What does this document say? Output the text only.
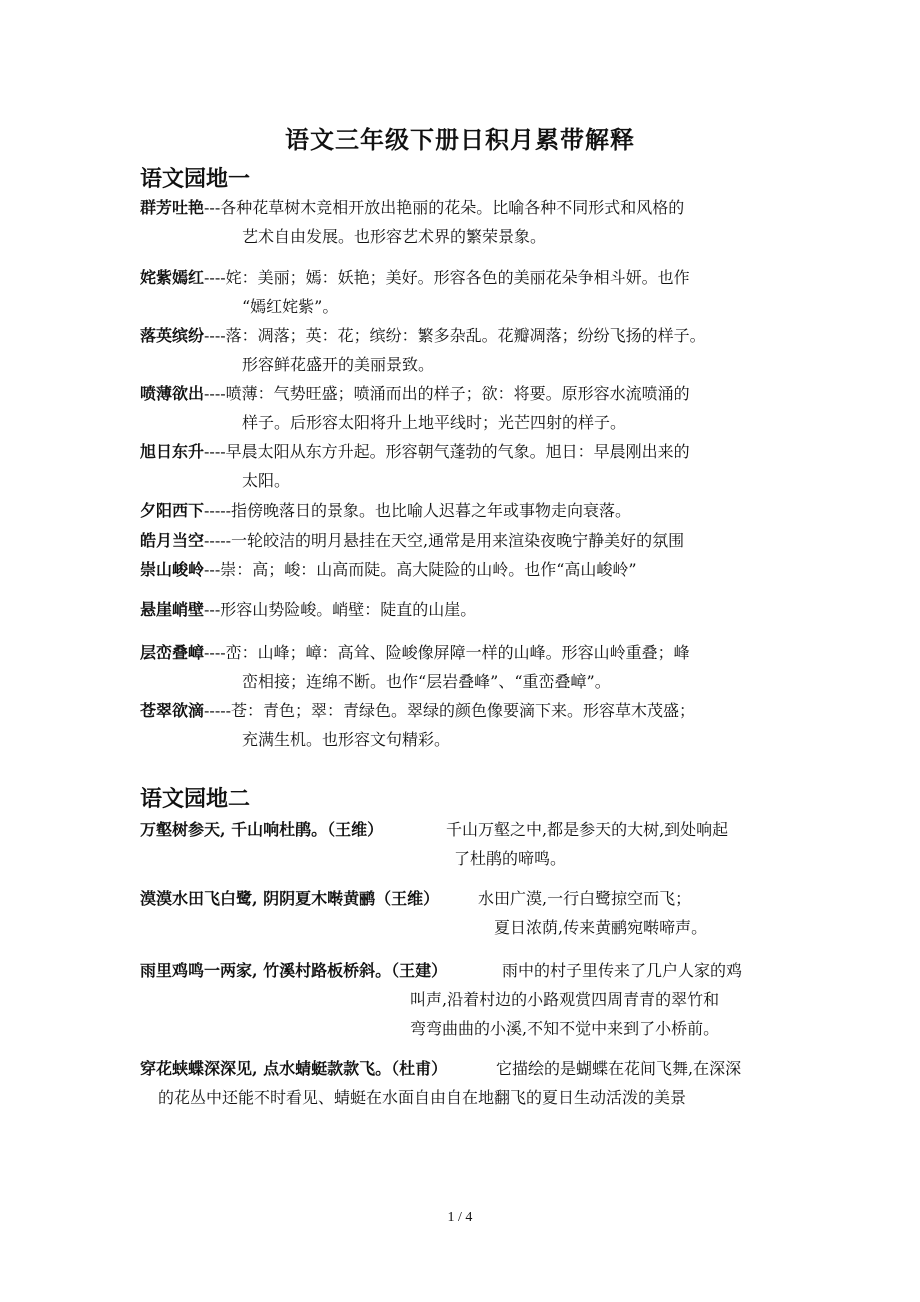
语文三年级下册日积月累带解释
语文园地一
群芳吐艳---各种花草树木竞相开放出艳丽的花朵。比喻各种不同形式和风格的
艺术自由发展。也形容艺术界的繁荣景象。
姹紫嫣红----姹：美丽；嫣：妖艳；美好。形容各色的美丽花朵争相斗妍。也作
“嫣红姹紫”。
落英缤纷----落：凋落；英：花；缤纷：繁多杂乱。花瓣凋落；纷纷飞扬的样子。
形容鲜花盛开的美丽景致。
喷薄欲出----喷薄：气势旺盛；喷涌而出的样子；欲：将要。原形容水流喷涌的
样子。后形容太阳将升上地平线时；光芒四射的样子。
旭日东升----早晨太阳从东方升起。形容朝气蓬勃的气象。旭日：早晨刚出来的
太阳。
夕阳西下-----指傍晚落日的景象。也比喻人迟暮之年或事物走向衰落。
皓月当空-----一轮皎洁的明月悬挂在天空,通常是用来渲染夜晚宁静美好的氛围
崇山峻岭---崇：高；峻：山高而陡。高大陡险的山岭。也作“高山峻岭”
悬崖峭壁---形容山势险峻。峭壁：陡直的山崖。
层峦叠嶂----峦：山峰；嶂：高耸、险峻像屏障一样的山峰。形容山岭重叠；峰
峦相接；连绵不断。也作“层岩叠峰”、“重峦叠嶂”。
苍翠欲滴-----苍：青色；翠：青绿色。翠绿的颜色像要滴下来。形容草木茂盛；
充满生机。也形容文句精彩。
语文园地二
万壑树参天, 千山响杜鹃。（王维）	千山万壑之中,都是参天的大树,到处响起
了杜鹃的啼鸣。
漠漠水田飞白鹭, 阴阴夏木啭黄鹂（王维） 水田广漠,一行白鹭掠空而飞；
夏日浓荫,传来黄鹂宛啭啼声。
雨里鸡鸣一两家, 竹溪村路板桥斜。（王建）	雨中的村子里传来了几户人家的鸡
叫声,沿着村边的小路观赏四周青青的翠竹和
弯弯曲曲的小溪,不知不觉中来到了小桥前。
穿花蛱蝶深深见, 点水蜻蜓款款飞。（杜甫）	它描绘的是蝴蝶在花间飞舞,在深深
的花丛中还能不时看见、蜻蜓在水面自由自在地翻飞的夏日生动活泼的美景
1 / 4
